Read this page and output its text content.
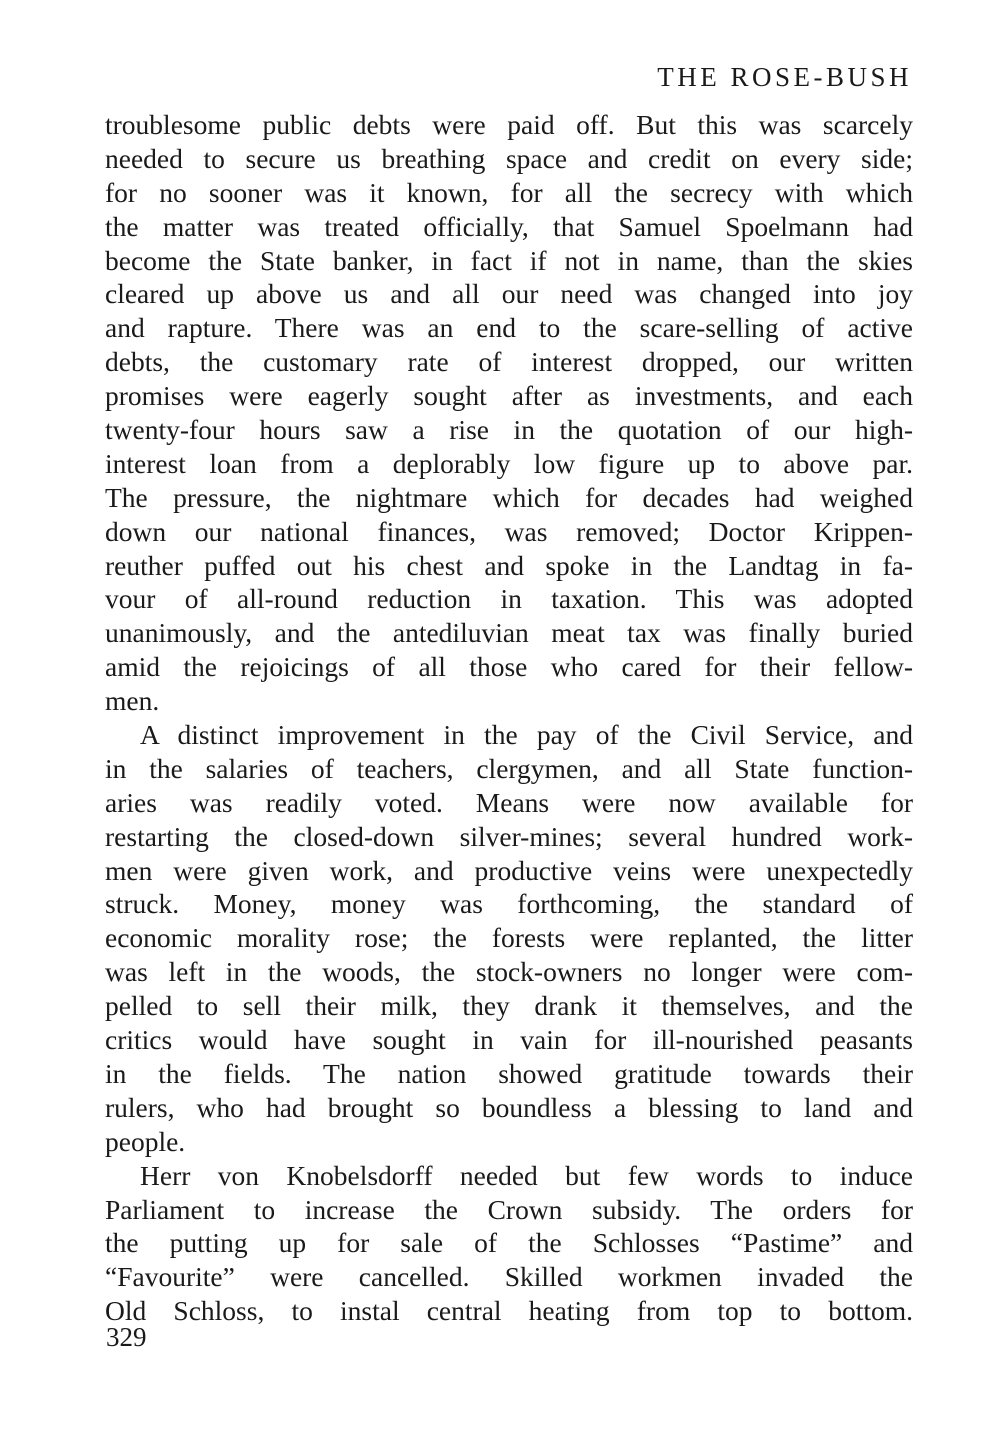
THE ROSE-BUSH
troublesome public debts were paid off. But this was scarcely
needed to secure us breathing space and credit on every side;
for no sooner was it known, for all the secrecy with which
the matter was treated officially, that Samuel Spoelmann had
become the State banker, in fact if not in name, than the skies
cleared up above us and all our need was changed into joy
and rapture. There was an end to the scare-selling of active
debts, the customary rate of interest dropped, our written
promises were eagerly sought after as investments, and each
twenty-four hours saw a rise in the quotation of our high-
interest loan from a deplorably low figure up to above par.
The pressure, the nightmare which for decades had weighed
down our national finances, was removed; Doctor Krippen-
reuther puffed out his chest and spoke in the Landtag in fa-
vour of all-round reduction in taxation. This was adopted
unanimously, and the antediluvian meat tax was finally buried
amid the rejoicings of all those who cared for their fellow-
men.
A distinct improvement in the pay of the Civil Service, and
in the salaries of teachers, clergymen, and all State function-
aries was readily voted. Means were now available for
restarting the closed-down silver-mines; several hundred work-
men were given work, and productive veins were unexpectedly
struck. Money, money was forthcoming, the standard of
economic morality rose; the forests were replanted, the litter
was left in the woods, the stock-owners no longer were com-
pelled to sell their milk, they drank it themselves, and the
critics would have sought in vain for ill-nourished peasants
in the fields. The nation showed gratitude towards their
rulers, who had brought so boundless a blessing to land and
people.
Herr von Knobelsdorff needed but few words to induce
Parliament to increase the Crown subsidy. The orders for
the putting up for sale of the Schlosses “Pastime” and
“Favourite” were cancelled. Skilled workmen invaded the
Old Schloss, to instal central heating from top to bottom.
329
